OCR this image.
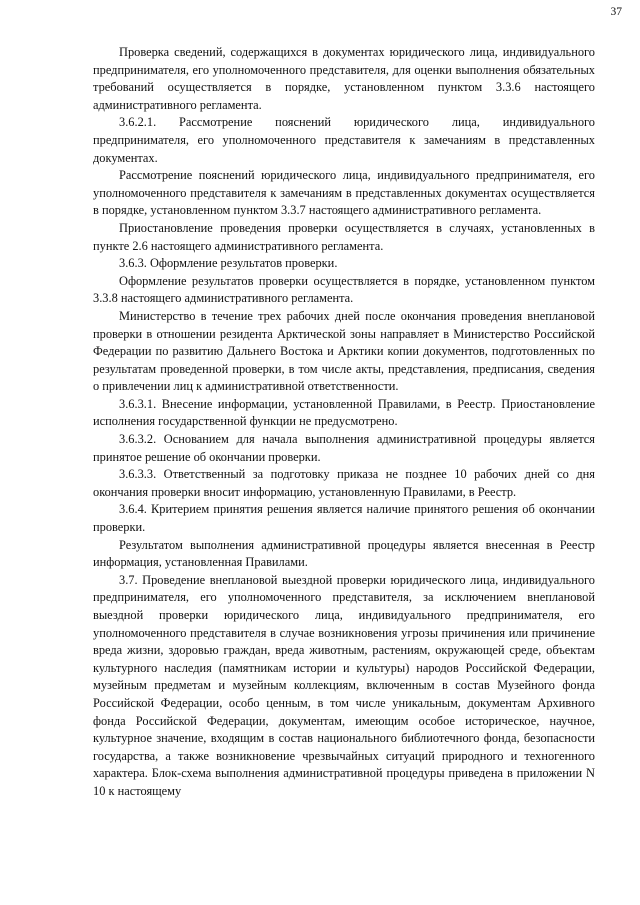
37

Проверка сведений, содержащихся в документах юридического лица, индивидуального предпринимателя, его уполномоченного представителя, для оценки выполнения обязательных требований осуществляется в порядке, установленном пунктом 3.3.6 настоящего административного регламента.

3.6.2.1. Рассмотрение пояснений юридического лица, индивидуального предпринимателя, его уполномоченного представителя к замечаниям в представленных документах.

Рассмотрение пояснений юридического лица, индивидуального предпринимателя, его уполномоченного представителя к замечаниям в представленных документах осуществляется в порядке, установленном пунктом 3.3.7 настоящего административного регламента.

Приостановление проведения проверки осуществляется в случаях, установленных в пункте 2.6 настоящего административного регламента.

3.6.3. Оформление результатов проверки.

Оформление результатов проверки осуществляется в порядке, установленном пунктом 3.3.8 настоящего административного регламента.

Министерство в течение трех рабочих дней после окончания проведения внеплановой проверки в отношении резидента Арктической зоны направляет в Министерство Российской Федерации по развитию Дальнего Востока и Арктики копии документов, подготовленных по результатам проведенной проверки, в том числе акты, представления, предписания, сведения о привлечении лиц к административной ответственности.

3.6.3.1. Внесение информации, установленной Правилами, в Реестр. Приостановление исполнения государственной функции не предусмотрено.

3.6.3.2. Основанием для начала выполнения административной процедуры является принятое решение об окончании проверки.

3.6.3.3. Ответственный за подготовку приказа не позднее 10 рабочих дней со дня окончания проверки вносит информацию, установленную Правилами, в Реестр.

3.6.4. Критерием принятия решения является наличие принятого решения об окончании проверки.

Результатом выполнения административной процедуры является внесенная в Реестр информация, установленная Правилами.

3.7. Проведение внеплановой выездной проверки юридического лица, индивидуального предпринимателя, его уполномоченного представителя, за исключением внеплановой выездной проверки юридического лица, индивидуального предпринимателя, его уполномоченного представителя в случае возникновения угрозы причинения или причинение вреда жизни, здоровью граждан, вреда животным, растениям, окружающей среде, объектам культурного наследия (памятникам истории и культуры) народов Российской Федерации, музейным предметам и музейным коллекциям, включенным в состав Музейного фонда Российской Федерации, особо ценным, в том числе уникальным, документам Архивного фонда Российской Федерации, документам, имеющим особое историческое, научное, культурное значение, входящим в состав национального библиотечного фонда, безопасности государства, а также возникновение чрезвычайных ситуаций природного и техногенного характера. Блок-схема выполнения административной процедуры приведена в приложении N 10 к настоящему
